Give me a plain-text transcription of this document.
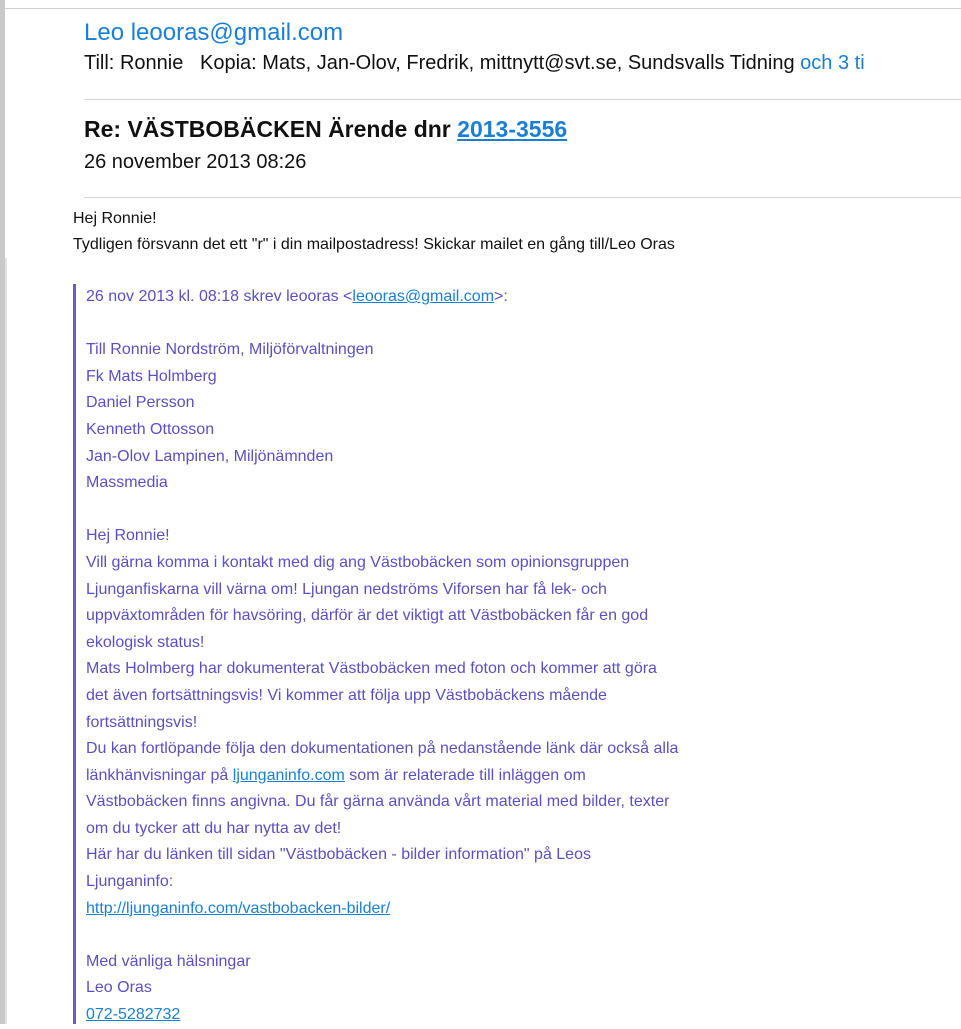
Leo leooras@gmail.com
Till: Ronnie Kopia: Mats, Jan-Olov, Fredrik, mittnytt@svt.se, Sundsvalls Tidning och 3 ti
Re: VÄSTBOBÄCKEN Ärende dnr 2013-3556
26 november 2013 08:26
Hej Ronnie!
Tydligen försvann det ett "r" i din mailpostadress! Skickar mailet en gång till/Leo Oras
26 nov 2013 kl. 08:18 skrev leooras <leooras@gmail.com>:
Till Ronnie Nordström, Miljöförvaltningen
Fk Mats Holmberg
Daniel Persson
Kenneth Ottosson
Jan-Olov Lampinen, Miljönämnden
Massmedia
Hej Ronnie!
Vill gärna komma i kontakt med dig ang Västbobäcken som opinionsgruppen
Ljunganfiskarna vill värna om! Ljungan nedströms Viforsen har få lek- och
uppväxtområden för havsöring, därför är det viktigt att Västbobäcken får en god
ekologisk status!
Mats Holmberg har dokumenterat Västbobäcken med foton och kommer att göra
det även fortsättningsvis! Vi kommer att följa upp Västbobäckens mående
fortsättningsvis!
Du kan fortlöpande följa den dokumentationen på nedanstående länk där också alla
länkhänvisningar på ljunganinfo.com som är relaterade till inläggen om
Västbobäcken finns angivna. Du får gärna använda vårt material med bilder, texter
om du tycker att du har nytta av det!
Här har du länken till sidan "Västbobäcken - bilder information" på Leos
Ljunganinfo:
http://ljunganinfo.com/vastbobacken-bilder/
Med vänliga hälsningar
Leo Oras
072-5282732
